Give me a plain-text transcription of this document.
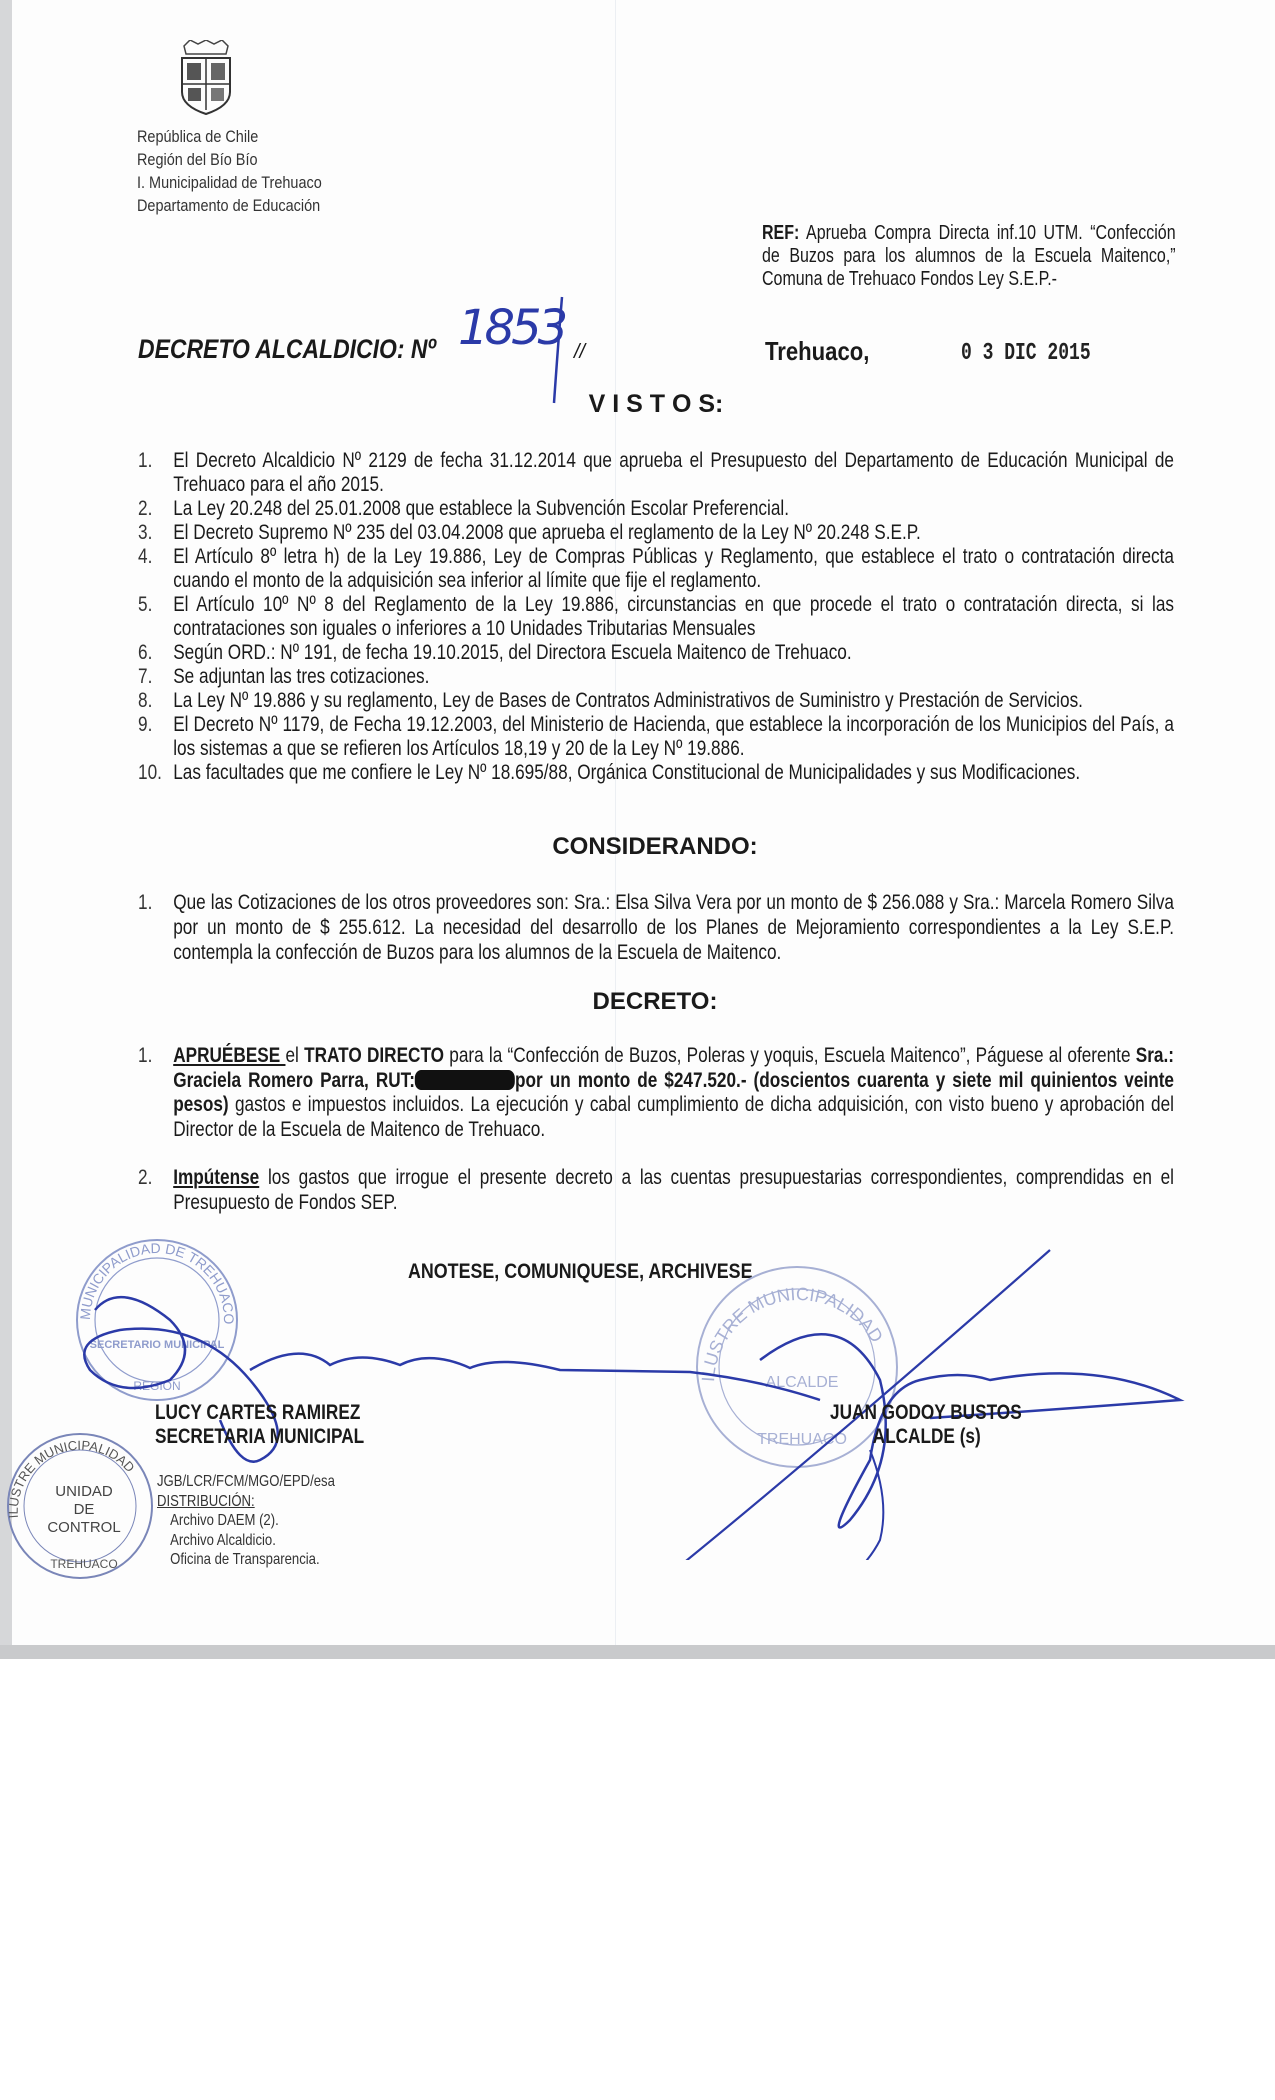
República de Chile
Región del Bío Bío
I. Municipalidad de Trehuaco
Departamento de Educación
REF: Aprueba Compra Directa inf.10 UTM. “Confección de Buzos para los alumnos de la Escuela Maitenco,” Comuna de Trehuaco Fondos Ley S.E.P.-
DECRETO ALCALDICIO: Nº 1853 //	Trehuaco,	0 3 DIC 2015
V I S T O S:
1. El Decreto Alcaldicio Nº 2129 de fecha 31.12.2014 que aprueba el Presupuesto del Departamento de Educación Municipal de Trehuaco para el año 2015.
2. La Ley 20.248 del 25.01.2008 que establece la Subvención Escolar Preferencial.
3. El Decreto Supremo Nº 235 del 03.04.2008 que aprueba el reglamento de la Ley Nº 20.248 S.E.P.
4. El Artículo 8º letra h) de la Ley 19.886, Ley de Compras Públicas y Reglamento, que establece el trato o contratación directa cuando el monto de la adquisición sea inferior al límite que fije el reglamento.
5. El Artículo 10º Nº 8 del Reglamento de la Ley 19.886, circunstancias en que procede el trato o contratación directa, si las contrataciones son iguales o inferiores a 10 Unidades Tributarias Mensuales
6. Según ORD.: Nº 191, de fecha 19.10.2015, del Directora Escuela Maitenco de Trehuaco.
7. Se adjuntan las tres cotizaciones.
8. La Ley Nº 19.886 y su reglamento, Ley de Bases de Contratos Administrativos de Suministro y Prestación de Servicios.
9. El Decreto Nº 1179, de Fecha 19.12.2003, del Ministerio de Hacienda, que establece la incorporación de los Municipios del País, a los sistemas a que se refieren los Artículos 18,19 y 20 de la Ley Nº 19.886.
10. Las facultades que me confiere le Ley Nº 18.695/88, Orgánica Constitucional de Municipalidades y sus Modificaciones.
CONSIDERANDO:
1. Que las Cotizaciones de los otros proveedores son: Sra.: Elsa Silva Vera por un monto de $ 256.088 y Sra.: Marcela Romero Silva por un monto de $ 255.612. La necesidad del desarrollo de los Planes de Mejoramiento correspondientes a la Ley S.E.P. contempla la confección de Buzos para los alumnos de la Escuela de Maitenco.
DECRETO:
1. APRUÉBESE el TRATO DIRECTO para la “Confección de Buzos, Poleras y yoquis, Escuela Maitenco”, Páguese al oferente Sra.: Graciela Romero Parra, RUT:	por un monto de $247.520.- (doscientos cuarenta y siete mil quinientos veinte pesos) gastos e impuestos incluidos. La ejecución y cabal cumplimiento de dicha adquisición, con visto bueno y aprobación del Director de la Escuela de Maitenco de Trehuaco.
2. Impútense los gastos que irrogue el presente decreto a las cuentas presupuestarias correspondientes, comprendidas en el Presupuesto de Fondos SEP.
ANOTESE, COMUNIQUESE, ARCHIVESE
MUNICIPALIDAD DE TREHUACO
SECRETARIO MUNICIPAL
REGION
ILUSTRE MUNICIPALIDAD
UNIDAD
DE
CONTROL
TREHUACO
ILUSTRE MUNICIPALIDAD
ALCALDE
TREHUACO
LUCY CARTES RAMIREZ
SECRETARIA MUNICIPAL
JUAN GODOY BUSTOS
ALCALDE (s)
JGB/LCR/FCM/MGO/EPD/esa
DISTRIBUCIÓN:
Archivo DAEM (2).
Archivo Alcaldicio.
Oficina de Transparencia.
